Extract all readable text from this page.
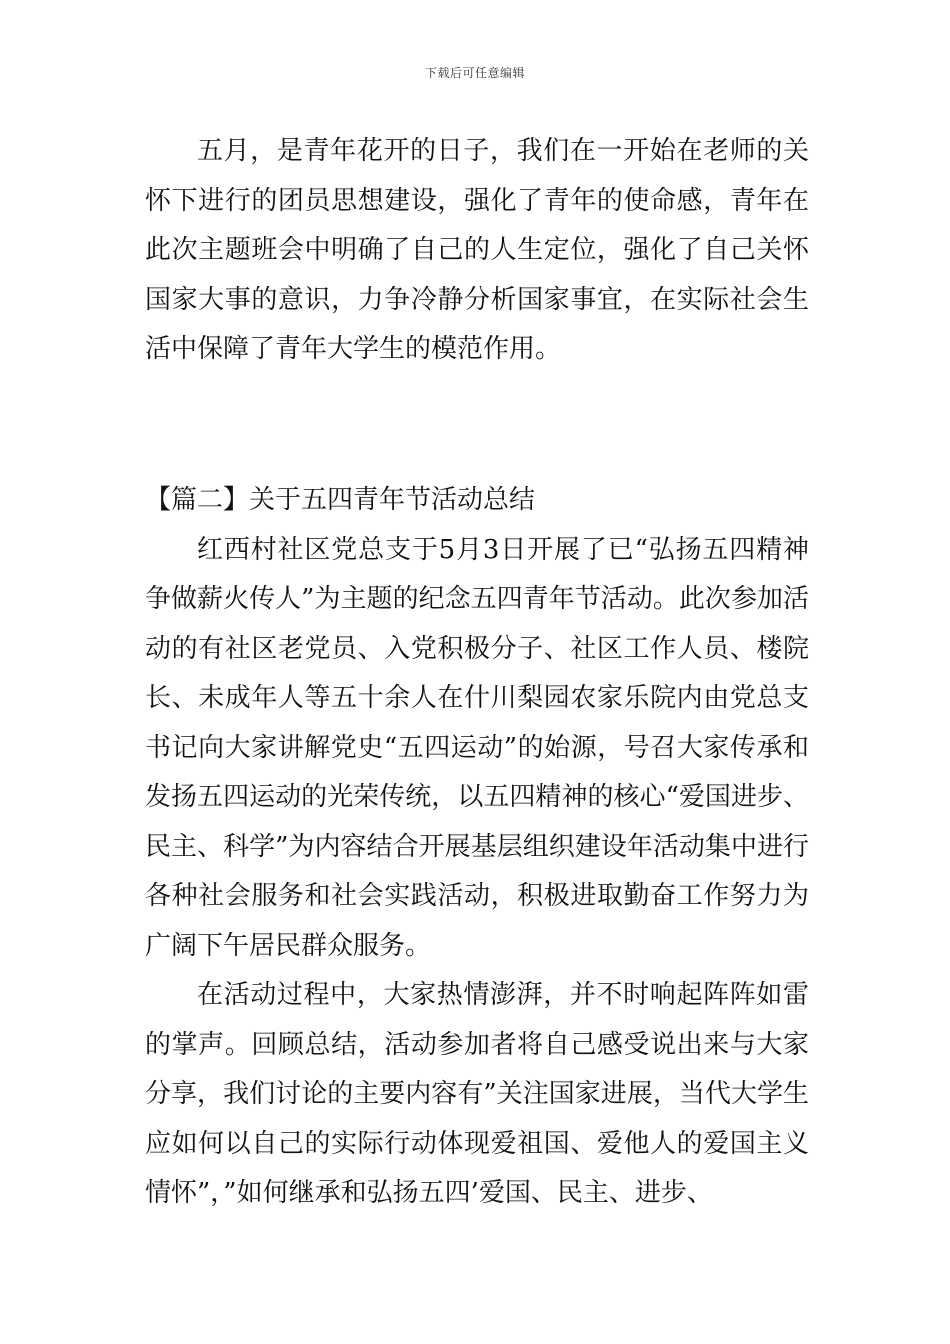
下载后可任意编辑

五月，是青年花开的日子，我们在一开始在老师的关怀下进行的团员思想建设，强化了青年的使命感，青年在此次主题班会中明确了自己的人生定位，强化了自己关怀国家大事的意识，力争冷静分析国家事宜，在实际社会生活中保障了青年大学生的模范作用。

【篇二】关于五四青年节活动总结

红西村社区党总支于5月3日开展了已“弘扬五四精神争做薪火传人”为主题的纪念五四青年节活动。此次参加活动的有社区老党员、入党积极分子、社区工作人员、楼院长、未成年人等五十余人在什川梨园农家乐院内由党总支书记向大家讲解党史“五四运动”的始源，号召大家传承和发扬五四运动的光荣传统，以五四精神的核心“爱国进步、民主、科学”为内容结合开展基层组织建设年活动集中进行各种社会服务和社会实践活动，积极进取勤奋工作努力为广阔下午居民群众服务。

在活动过程中，大家热情澎湃，并不时响起阵阵如雷的掌声。回顾总结，活动参加者将自己感受说出来与大家分享，我们讨论的主要内容有”关注国家进展，当代大学生应如何以自己的实际行动体现爱祖国、爱他人的爱国主义情怀”，”如何继承和弘扬五四’爱国、民主、进步、
